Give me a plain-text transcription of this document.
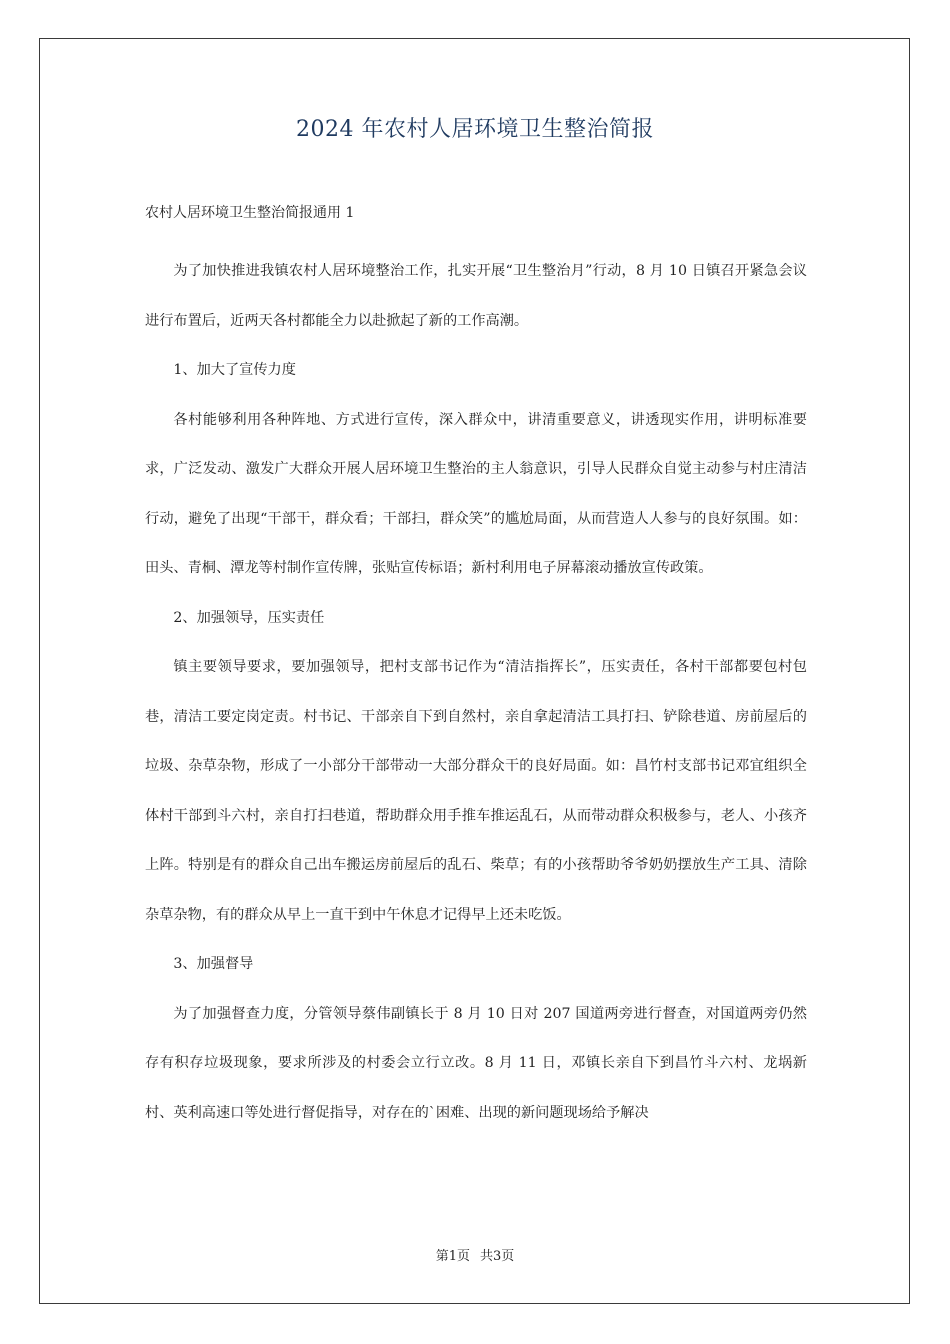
2024 年农村人居环境卫生整治简报

农村人居环境卫生整治简报通用 1

为了加快推进我镇农村人居环境整治工作，扎实开展“卫生整治月”行动，8 月 10 日镇召开紧急会议进行布置后，近两天各村都能全力以赴掀起了新的工作高潮。

1、加大了宣传力度

各村能够利用各种阵地、方式进行宣传，深入群众中，讲清重要意义，讲透现实作用，讲明标准要求，广泛发动、激发广大群众开展人居环境卫生整治的主人翁意识，引导人民群众自觉主动参与村庄清洁行动，避免了出现“干部干，群众看；干部扫，群众笑”的尴尬局面，从而营造人人参与的良好氛围。如：田头、青桐、潭龙等村制作宣传牌，张贴宣传标语；新村利用电子屏幕滚动播放宣传政策。

2、加强领导，压实责任

镇主要领导要求，要加强领导，把村支部书记作为“清洁指挥长”，压实责任，各村干部都要包村包巷，清洁工要定岗定责。村书记、干部亲自下到自然村，亲自拿起清洁工具打扫、铲除巷道、房前屋后的垃圾、杂草杂物，形成了一小部分干部带动一大部分群众干的良好局面。如：昌竹村支部书记邓宜组织全体村干部到斗六村，亲自打扫巷道，帮助群众用手推车推运乱石，从而带动群众积极参与，老人、小孩齐上阵。特别是有的群众自己出车搬运房前屋后的乱石、柴草；有的小孩帮助爷爷奶奶摆放生产工具、清除杂草杂物，有的群众从早上一直干到中午休息才记得早上还未吃饭。

3、加强督导

为了加强督查力度，分管领导蔡伟副镇长于 8 月 10 日对 207 国道两旁进行督查，对国道两旁仍然存有积存垃圾现象，要求所涉及的村委会立行立改。8 月 11 日，邓镇长亲自下到昌竹斗六村、龙埚新村、英利高速口等处进行督促指导，对存在的`困难、出现的新问题现场给予解决

第1页 共3页
